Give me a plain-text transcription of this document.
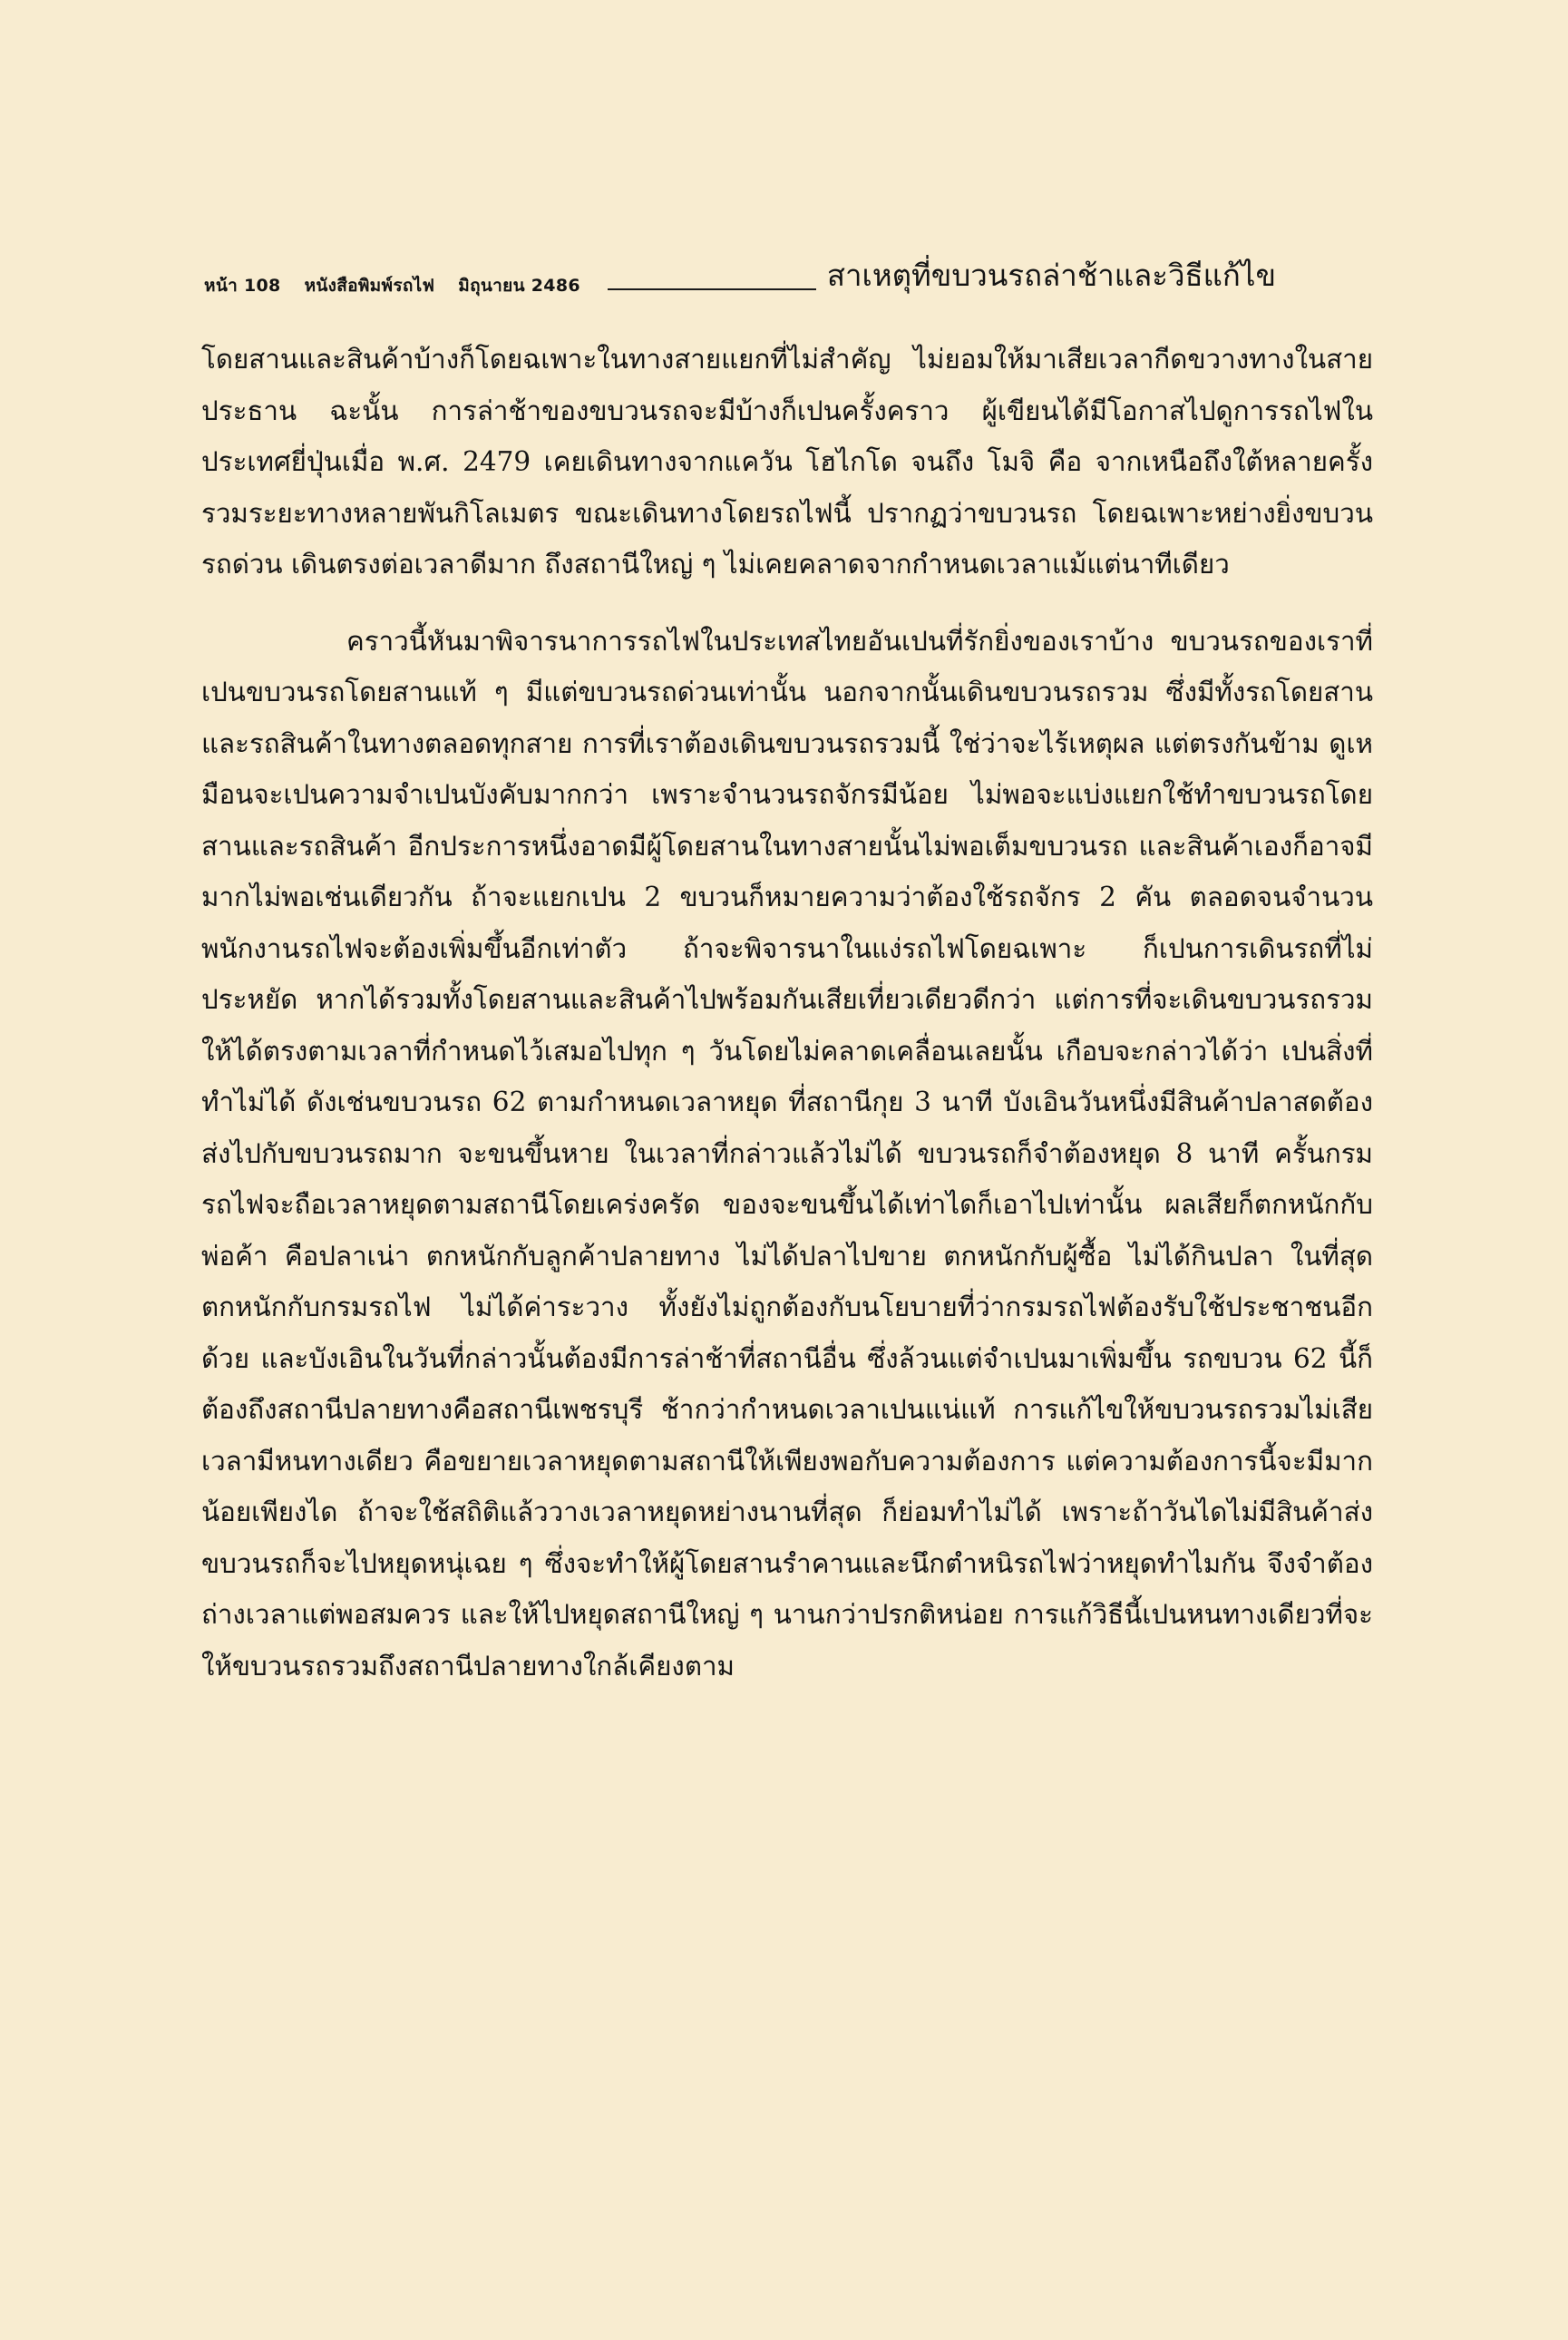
หน้า 108 หนังสือพิมพ์รถไฟ มิถุนายน 2486	สาเหตุที่ขบวนรถล่าช้าและวิธีแก้ไข

โดยสานและสินค้าบ้างก็โดยฉเพาะในทางสายแยกที่ไม่สำคัญ ไม่ยอมให้มาเสียเวลากีดขวางทางในสายประธาน ฉะนั้น การล่าช้าของขบวนรถจะมีบ้างก็เปนครั้งคราว ผู้เขียนได้มีโอกาสไปดูการรถไฟในประเทศยี่ปุ่นเมื่อ พ.ศ. 2479 เคยเดินทางจากแควัน โฮไกโด จนถึง โมจิ คือ จากเหนือถึงใต้หลายครั้งรวมระยะทางหลายพันกิโลเมตร ขณะเดินทางโดยรถไฟนี้ ปรากฏว่าขบวนรถ โดยฉเพาะหย่างยิ่งขบวนรถด่วน เดินตรงต่อเวลาดีมาก ถึงสถานีใหญ่ ๆ ไม่เคยคลาดจากกำหนดเวลาแม้แต่นาทีเดียว

คราวนี้หันมาพิจารนาการรถไฟในประเทสไทยอันเปนที่รักยิ่งของเราบ้าง ขบวนรถของเราที่เปนขบวนรถโดยสานแท้ ๆ มีแต่ขบวนรถด่วนเท่านั้น นอกจากนั้นเดินขบวนรถรวม ซึ่งมีทั้งรถโดยสานและรถสินค้าในทางตลอดทุกสาย การที่เราต้องเดินขบวนรถรวมนี้ ใช่ว่าจะไร้เหตุผล แต่ตรงกันข้าม ดูเหมือนจะเปนความจำเปนบังคับมากกว่า เพราะจำนวนรถจักรมีน้อย ไม่พอจะแบ่งแยกใช้ทำขบวนรถโดยสานและรถสินค้า อีกประการหนึ่งอาดมีผู้โดยสานในทางสายนั้นไม่พอเต็มขบวนรถ และสินค้าเองก็อาจมีมากไม่พอเช่นเดียวกัน ถ้าจะแยกเปน 2 ขบวนก็หมายความว่าต้องใช้รถจักร 2 คัน ตลอดจนจำนวนพนักงานรถไฟจะต้องเพิ่มขึ้นอีกเท่าตัว ถ้าจะพิจารนาในแง่รถไฟโดยฉเพาะ ก็เปนการเดินรถที่ไม่ประหยัด หากได้รวมทั้งโดยสานและสินค้าไปพร้อมกันเสียเที่ยวเดียวดีกว่า แต่การที่จะเดินขบวนรถรวมให้ได้ตรงตามเวลาที่กำหนดไว้เสมอไปทุก ๆ วันโดยไม่คลาดเคลื่อนเลยนั้น เกือบจะกล่าวได้ว่า เปนสิ่งที่ทำไม่ได้ ดังเช่นขบวนรถ 62 ตามกำหนดเวลาหยุด ที่สถานีกุย 3 นาที บังเอินวันหนึ่งมีสินค้าปลาสดต้องส่งไปกับขบวนรถมาก จะขนขึ้นหาย ในเวลาที่กล่าวแล้วไม่ได้ ขบวนรถก็จำต้องหยุด 8 นาที ครั้นกรมรถไฟจะถือเวลาหยุดตามสถานีโดยเคร่งครัด ของจะขนขึ้นได้เท่าไดก็เอาไปเท่านั้น ผลเสียก็ตกหนักกับพ่อค้า คือปลาเน่า ตกหนักกับลูกค้าปลายทาง ไม่ได้ปลาไปขาย ตกหนักกับผู้ซื้อ ไม่ได้กินปลา ในที่สุดตกหนักกับกรมรถไฟ ไม่ได้ค่าระวาง ทั้งยังไม่ถูกต้องกับนโยบายที่ว่ากรมรถไฟต้องรับใช้ประชาชนอีกด้วย และบังเอินในวันที่กล่าวนั้นต้องมีการล่าช้าที่สถานีอื่น ซึ่งล้วนแต่จำเปนมาเพิ่มขึ้น รถขบวน 62 นี้ก็ต้องถึงสถานีปลายทางคือสถานีเพชรบุรี ช้ากว่ากำหนดเวลาเปนแน่แท้ การแก้ไขให้ขบวนรถรวมไม่เสียเวลามีหนทางเดียว คือขยายเวลาหยุดตามสถานีให้เพียงพอกับความต้องการ แต่ความต้องการนี้จะมีมากน้อยเพียงได ถ้าจะใช้สถิติแล้ววางเวลาหยุดหย่างนานที่สุด ก็ย่อมทำไม่ได้ เพราะถ้าวันไดไม่มีสินค้าส่ง ขบวนรถก็จะไปหยุดหนุ่เฉย ๆ ซึ่งจะทำให้ผู้โดยสานรำคานและนึกตำหนิรถไฟว่าหยุดทำไมกัน จึงจำต้องถ่างเวลาแต่พอสมควร และให้ไปหยุดสถานีใหญ่ ๆ นานกว่าปรกติหน่อย การแก้วิธีนี้เปนหนทางเดียวที่จะให้ขบวนรถรวมถึงสถานีปลายทางใกล้เคียงตาม
